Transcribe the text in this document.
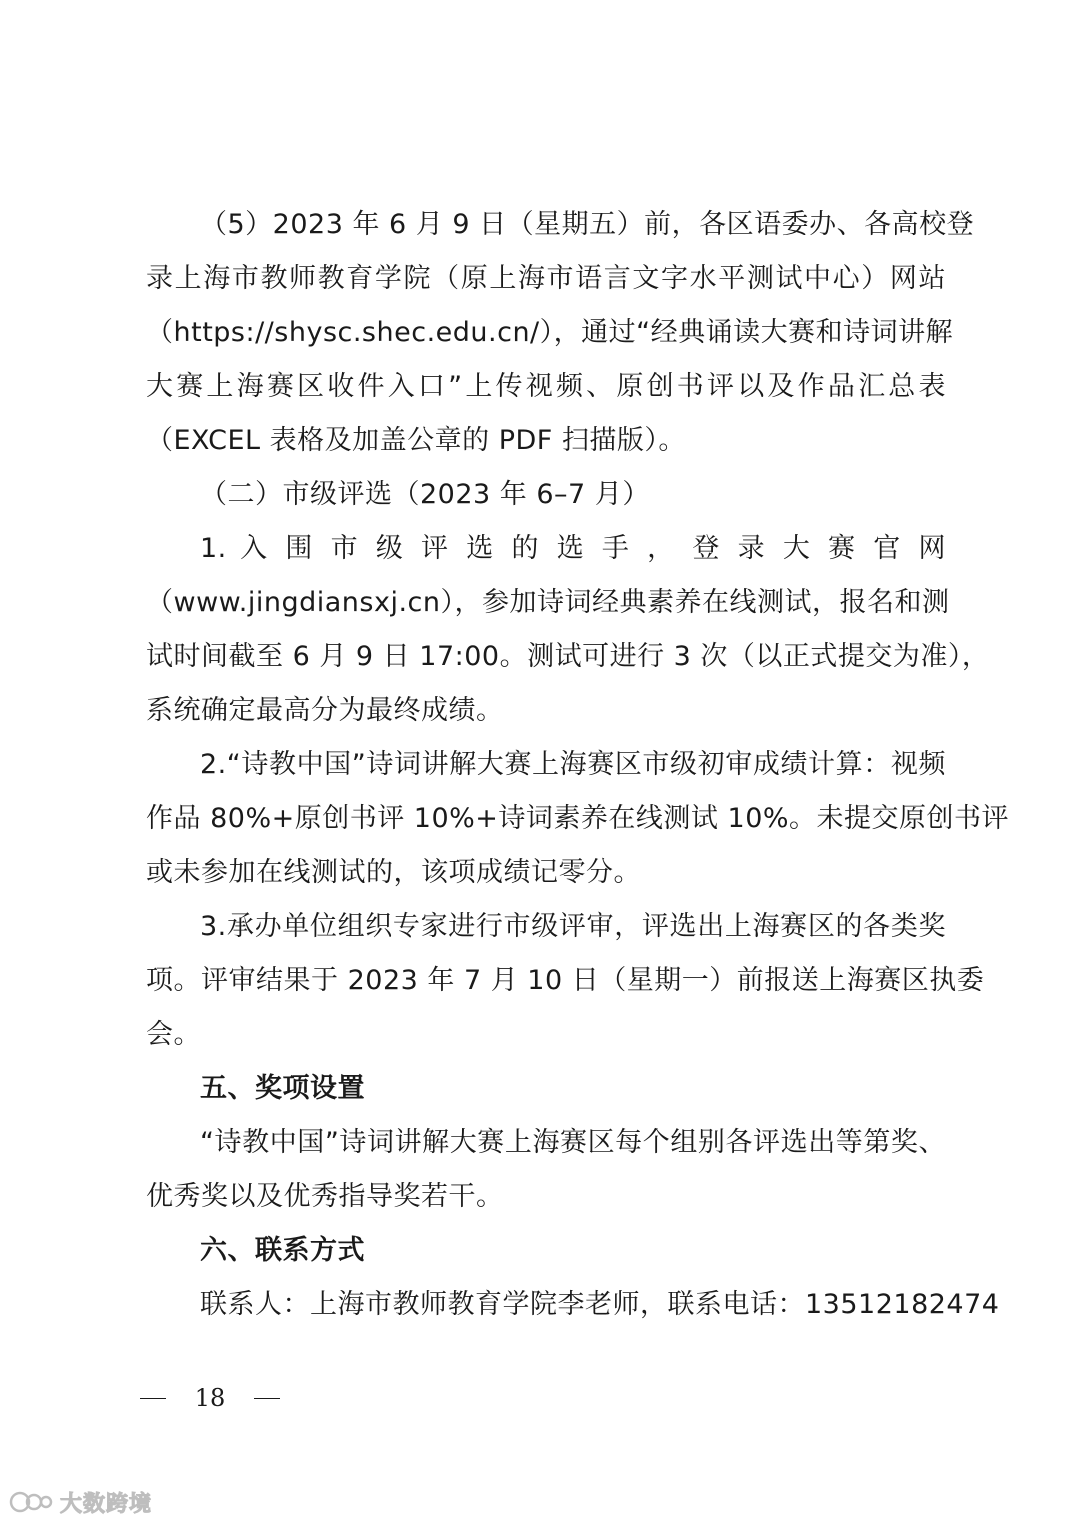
（5）2023 年 6 月 9 日（星期五）前，各区语委办、各高校登
录上海市教师教育学院（原上海市语言文字水平测试中心）网站
（https://shysc.shec.edu.cn/），通过“经典诵读大赛和诗词讲解
大赛上海赛区收件入口”上传视频、原创书评以及作品汇总表
（EXCEL 表格及加盖公章的 PDF 扫描版）。
（二）市级评选（2023 年 6–7 月）
1. 入 围 市 级 评 选 的 选 手 ， 登 录 大 赛 官 网
（www.jingdiansxj.cn），参加诗词经典素养在线测试，报名和测
试时间截至 6 月 9 日 17:00。测试可进行 3 次（以正式提交为准），
系统确定最高分为最终成绩。
2.“诗教中国”诗词讲解大赛上海赛区市级初审成绩计算：视频
作品 80%+原创书评 10%+诗词素养在线测试 10%。未提交原创书评
或未参加在线测试的，该项成绩记零分。
3.承办单位组织专家进行市级评审，评选出上海赛区的各类奖
项。评审结果于 2023 年 7 月 10 日（星期一）前报送上海赛区执委
会。
五、奖项设置
“诗教中国”诗词讲解大赛上海赛区每个组别各评选出等第奖、
优秀奖以及优秀指导奖若干。
六、联系方式
联系人：上海市教师教育学院李老师，联系电话：13512182474
18
大数跨境
